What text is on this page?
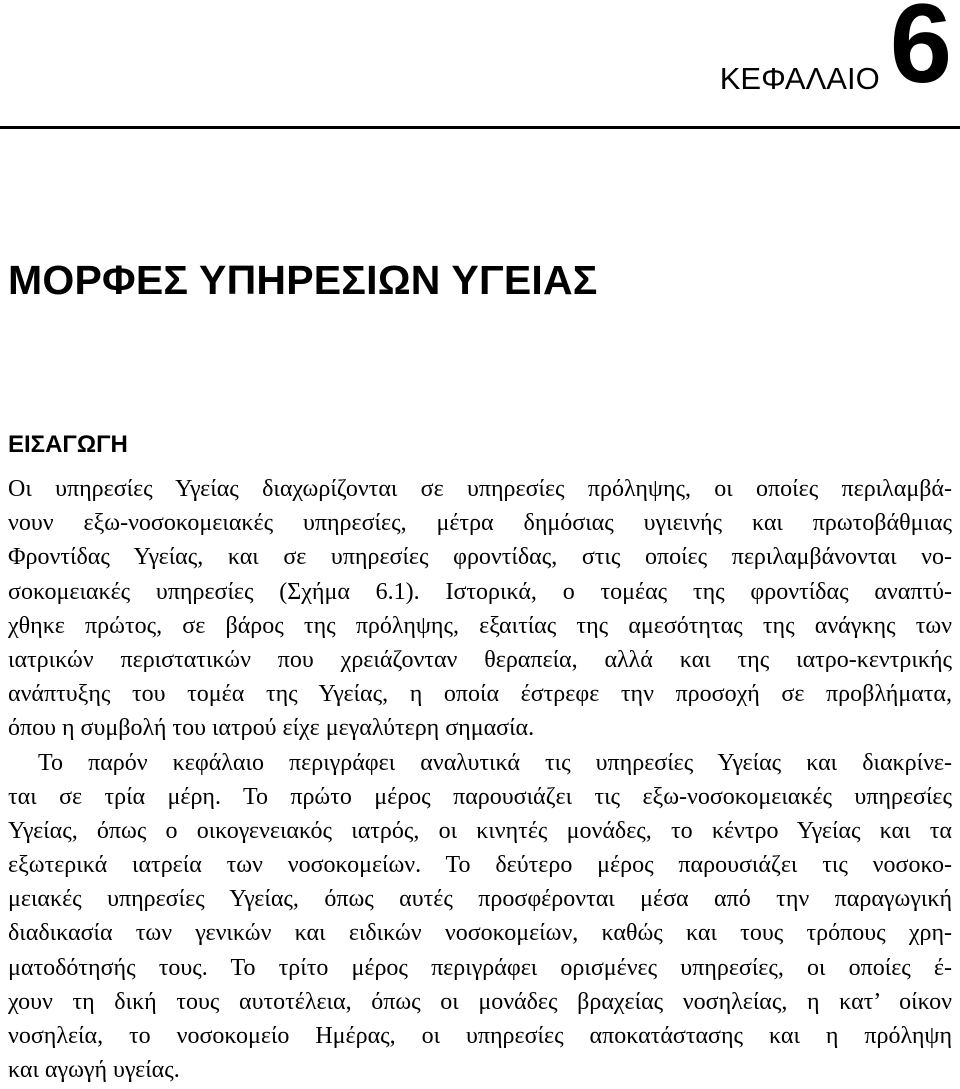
ΚΕΦΑΛΑΙΟ 6
ΜΟΡΦΕΣ ΥΠΗΡΕΣΙΩΝ ΥΓΕΙΑΣ
ΕΙΣΑΓΩΓΗ

Οι υπηρεσίες Υγείας διαχωρίζονται σε υπηρεσίες πρόληψης, οι οποίες περιλαμβά-
νουν εξω-νοσοκομειακές υπηρεσίες, μέτρα δημόσιας υγιεινής και πρωτοβάθμιας
Φροντίδας Υγείας, και σε υπηρεσίες φροντίδας, στις οποίες περιλαμβάνονται νο-
σοκομειακές υπηρεσίες (Σχήμα 6.1). Ιστορικά, ο τομέας της φροντίδας αναπτύ-
χθηκε πρώτος, σε βάρος της πρόληψης, εξαιτίας της αμεσότητας της ανάγκης των
ιατρικών περιστατικών που χρειάζονταν θεραπεία, αλλά και της ιατρο-κεντρικής
ανάπτυξης του τομέα της Υγείας, η οποία έστρεφε την προσοχή σε προβλήματα,
όπου η συμβολή του ιατρού είχε μεγαλύτερη σημασία.

Το παρόν κεφάλαιο περιγράφει αναλυτικά τις υπηρεσίες Υγείας και διακρίνε-
ται σε τρία μέρη. Το πρώτο μέρος παρουσιάζει τις εξω-νοσοκομειακές υπηρεσίες
Υγείας, όπως ο οικογενειακός ιατρός, οι κινητές μονάδες, το κέντρο Υγείας και τα
εξωτερικά ιατρεία των νοσοκομείων. Το δεύτερο μέρος παρουσιάζει τις νοσοκο-
μειακές υπηρεσίες Υγείας, όπως αυτές προσφέρονται μέσα από την παραγωγική
διαδικασία των γενικών και ειδικών νοσοκομείων, καθώς και τους τρόπους χρη-
ματοδότησής τους. Το τρίτο μέρος περιγράφει ορισμένες υπηρεσίες, οι οποίες έ-
χουν τη δική τους αυτοτέλεια, όπως οι μονάδες βραχείας νοσηλείας, η κατ’ οίκον
νοσηλεία, το νοσοκομείο Ημέρας, οι υπηρεσίες αποκατάστασης και η πρόληψη
και αγωγή υγείας.
